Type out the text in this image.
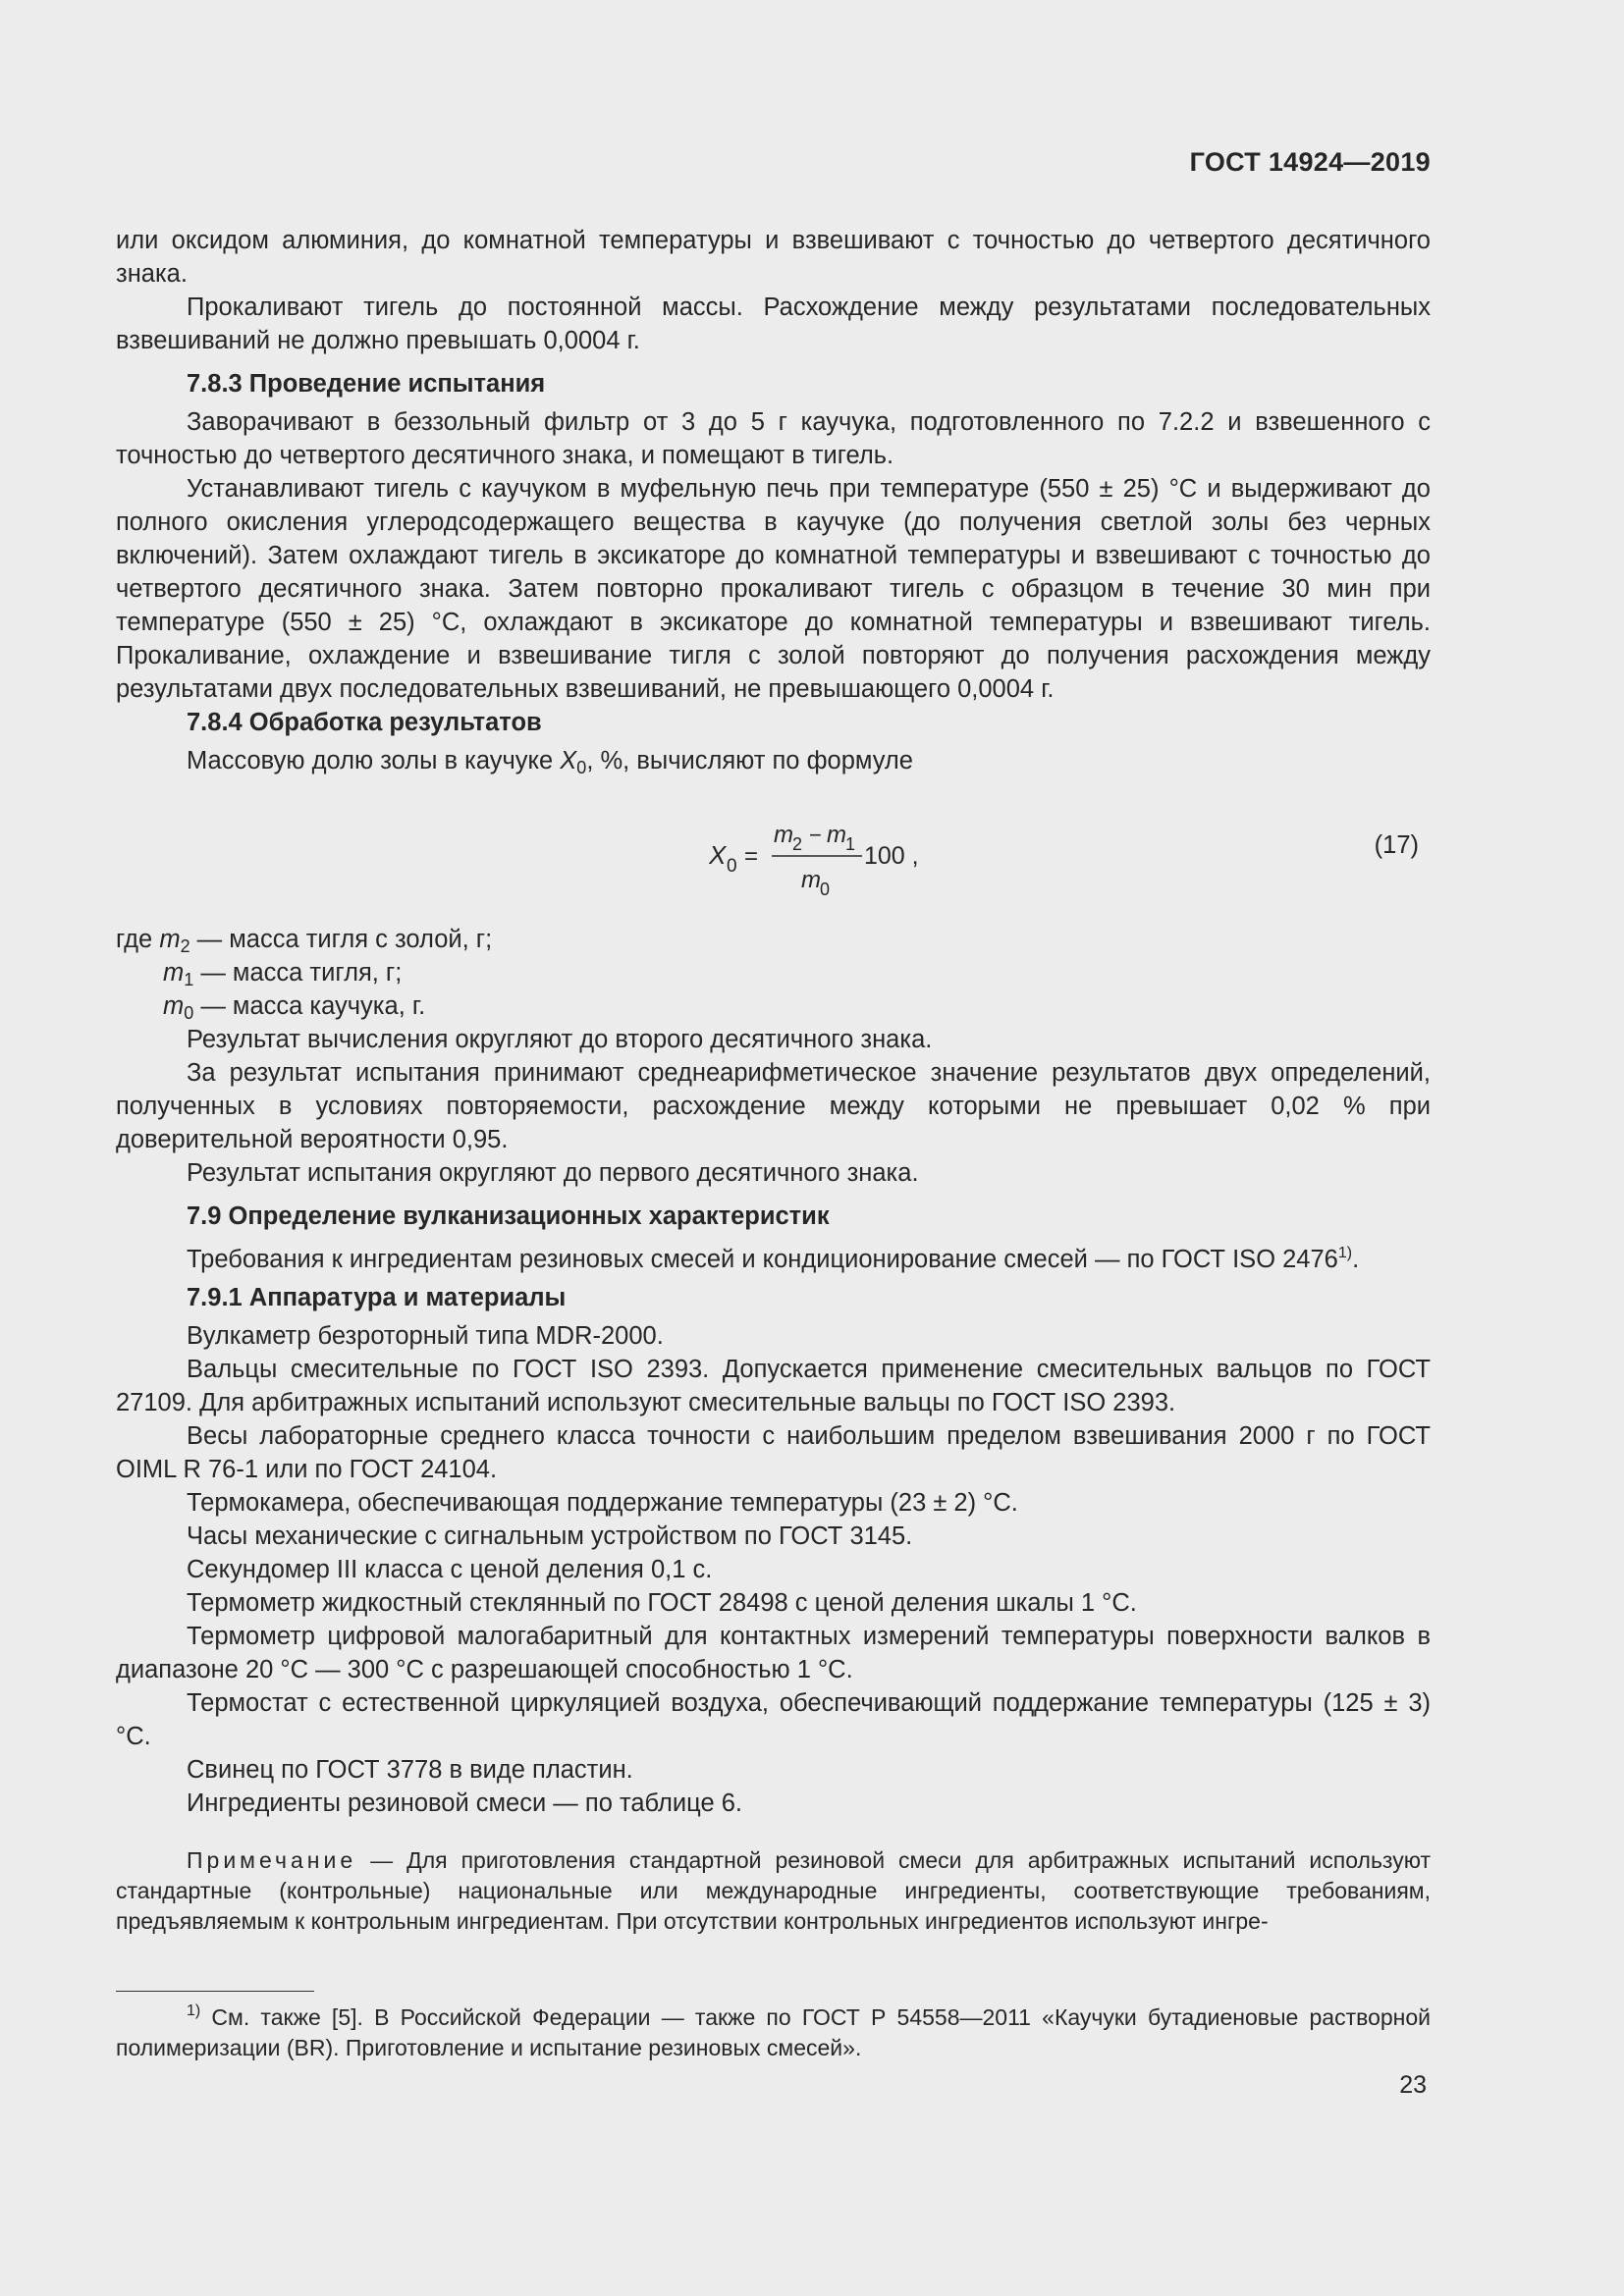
ГОСТ 14924—2019

или оксидом алюминия, до комнатной температуры и взвешивают с точностью до четвертого десятичного знака.

Прокаливают тигель до постоянной массы. Расхождение между результатами последовательных взвешиваний не должно превышать 0,0004 г.

7.8.3 Проведение испытания

Заворачивают в беззольный фильтр от 3 до 5 г каучука, подготовленного по 7.2.2 и взвешенного с точностью до четвертого десятичного знака, и помещают в тигель.

Устанавливают тигель с каучуком в муфельную печь при температуре (550 ± 25) °С и выдерживают до полного окисления углеродсодержащего вещества в каучуке (до получения светлой золы без черных включений). Затем охлаждают тигель в эксикаторе до комнатной температуры и взвешивают с точностью до четвертого десятичного знака. Затем повторно прокаливают тигель с образцом в течение 30 мин при температуре (550 ± 25) °С, охлаждают в эксикаторе до комнатной температуры и взвешивают тигель. Прокаливание, охлаждение и взвешивание тигля с золой повторяют до получения расхождения между результатами двух последовательных взвешиваний, не превышающего 0,0004 г.

7.8.4 Обработка результатов

Массовую долю золы в каучуке $X_0$, %, вычисляют по формуле

X 0 =
m 2 − m 1
m 0
100 ,	(17)

где $m_2$ — масса тигля с золой, г;

$m_1$ — масса тигля, г;

$m_0$ — масса каучука, г.

Результат вычисления округляют до второго десятичного знака.

За результат испытания принимают среднеарифметическое значение результатов двух определений, полученных в условиях повторяемости, расхождение между которыми не превышает 0,02 % при доверительной вероятности 0,95.

Результат испытания округляют до первого десятичного знака.

7.9 Определение вулканизационных характеристик

Требования к ингредиентам резиновых смесей и кондиционирование смесей — по ГОСТ ISO 2476$^{1)}$.

7.9.1 Аппаратура и материалы

Вулкаметр безроторный типа MDR-2000.

Вальцы смесительные по ГОСТ ISO 2393. Допускается применение смесительных вальцов по ГОСТ 27109. Для арбитражных испытаний используют смесительные вальцы по ГОСТ ISO 2393.

Весы лабораторные среднего класса точности с наибольшим пределом взвешивания 2000 г по ГОСТ OIML R 76-1 или по ГОСТ 24104.

Термокамера, обеспечивающая поддержание температуры (23 ± 2) °С.

Часы механические с сигнальным устройством по ГОСТ 3145.

Секундомер III класса с ценой деления 0,1 с.

Термометр жидкостный стеклянный по ГОСТ 28498 с ценой деления шкалы 1 °С.

Термометр цифровой малогабаритный для контактных измерений температуры поверхности валков в диапазоне 20 °С — 300 °С с разрешающей способностью 1 °С.

Термостат с естественной циркуляцией воздуха, обеспечивающий поддержание температуры (125 ± 3) °С.

Свинец по ГОСТ 3778 в виде пластин.

Ингредиенты резиновой смеси — по таблице 6.

Примечание — Для приготовления стандартной резиновой смеси для арбитражных испытаний используют стандартные (контрольные) национальные или международные ингредиенты, соответствующие требованиям, предъявляемым к контрольным ингредиентам. При отсутствии контрольных ингредиентов используют ингре-

$^{1)}$ См. также [5]. В Российской Федерации — также по ГОСТ Р 54558—2011 «Каучуки бутадиеновые растворной полимеризации (BR). Приготовление и испытание резиновых смесей».

23
